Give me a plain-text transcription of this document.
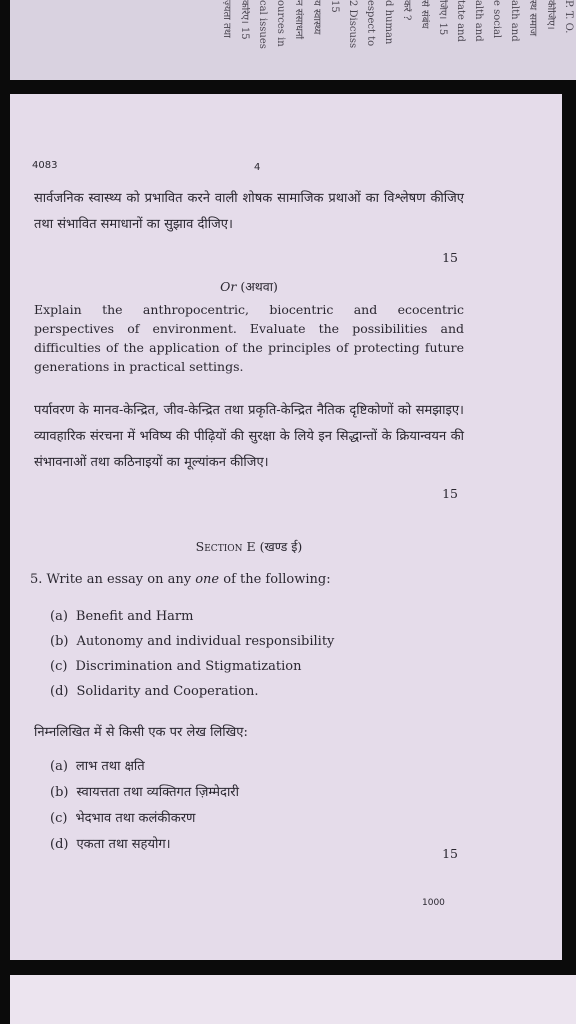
ज़्यता तथा करिए। 15 cal issues ources in न संसाधनों य स्वास्थ्य 15 2 Discuss espect to d human करें ? से संबंध जिए। 15 tate and alth and e social alth and स्थ समाज कीजिए। P. T. O.
4083	4
सार्वजनिक स्वास्थ्य को प्रभावित करने वाली शोषक सामाजिक प्रथाओं का विश्लेषण कीजिए तथा संभावित समाधानों का सुझाव दीजिए।
15
Or (अथवा)
Explain the anthropocentric, biocentric and ecocentric perspectives of environment. Evaluate the possibilities and difficulties of the application of the principles of protecting future generations in practical settings.
पर्यावरण के मानव-केन्द्रित, जीव-केन्द्रित तथा प्रकृति-केन्द्रित नैतिक दृष्टिकोणों को समझाइए। व्यावहारिक संरचना में भविष्य की पीढ़ियों की सुरक्षा के लिये इन सिद्धान्तों के क्रियान्वयन की संभावनाओं तथा कठिनाइयों का मूल्यांकन कीजिए।
15
Section E (खण्ड ई)
5. Write an essay on any one of the following:
(a) Benefit and Harm
(b) Autonomy and individual responsibility
(c) Discrimination and Stigmatization
(d) Solidarity and Cooperation.
निम्नलिखित में से किसी एक पर लेख लिखिए:
(a) लाभ तथा क्षति
(b) स्वायत्तता तथा व्यक्तिगत ज़िम्मेदारी
(c) भेदभाव तथा कलंकीकरण
(d) एकता तथा सहयोग।
15
1000
